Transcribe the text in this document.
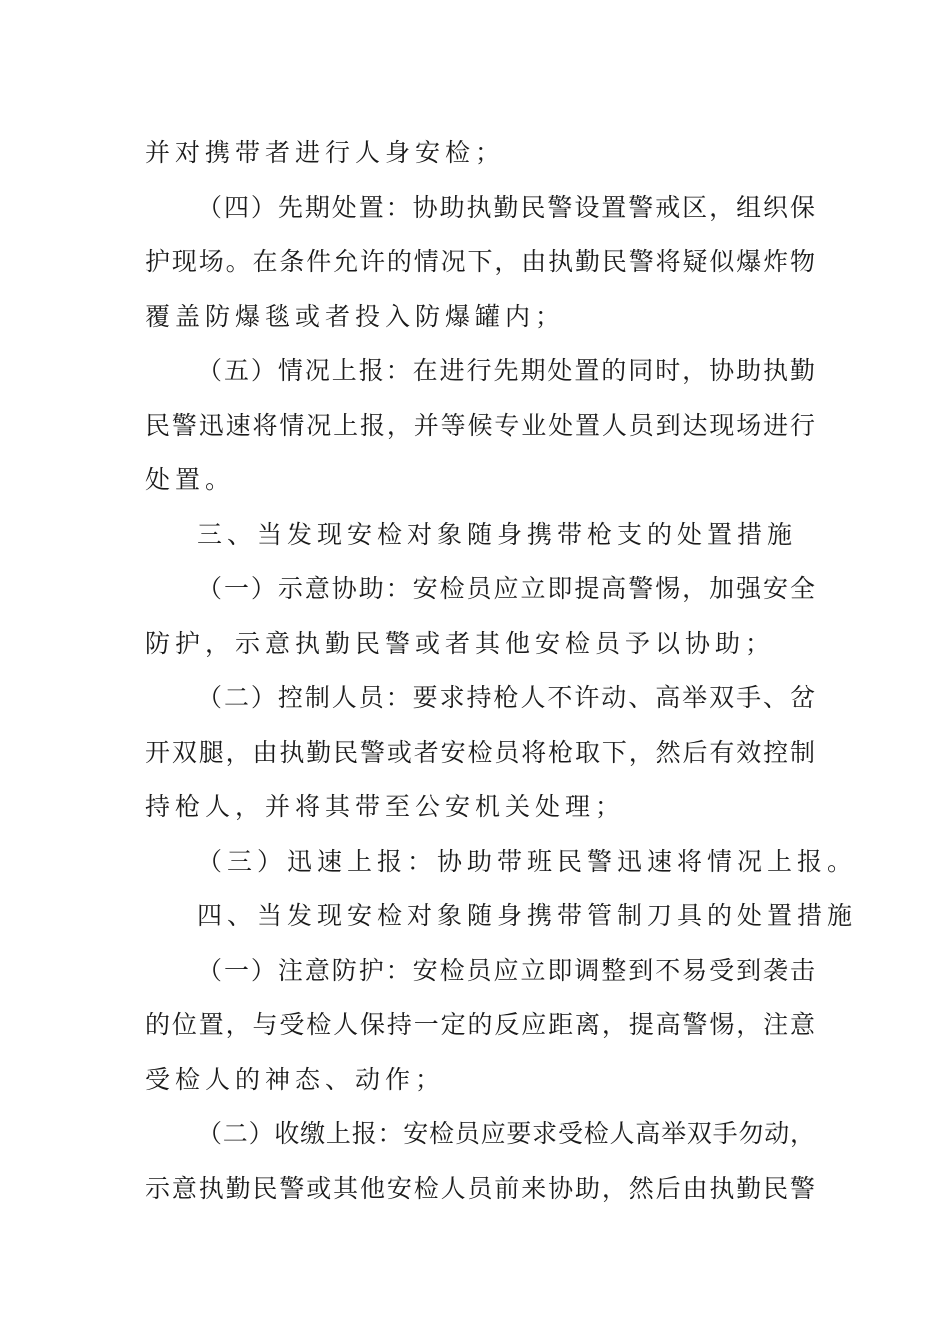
并对携带者进行人身安检；
（四）先期处置：协助执勤民警设置警戒区，组织保
护现场。在条件允许的情况下，由执勤民警将疑似爆炸物
覆盖防爆毯或者投入防爆罐内；
（五）情况上报：在进行先期处置的同时，协助执勤
民警迅速将情况上报，并等候专业处置人员到达现场进行
处置。
三、当发现安检对象随身携带枪支的处置措施
（一）示意协助：安检员应立即提高警惕，加强安全
防护，示意执勤民警或者其他安检员予以协助；
（二）控制人员：要求持枪人不许动、高举双手、岔
开双腿，由执勤民警或者安检员将枪取下，然后有效控制
持枪人，并将其带至公安机关处理；
（三）迅速上报：协助带班民警迅速将情况上报。
四、当发现安检对象随身携带管制刀具的处置措施
（一）注意防护：安检员应立即调整到不易受到袭击
的位置，与受检人保持一定的反应距离，提高警惕，注意
受检人的神态、动作；
（二）收缴上报：安检员应要求受检人高举双手勿动，
示意执勤民警或其他安检人员前来协助，然后由执勤民警
